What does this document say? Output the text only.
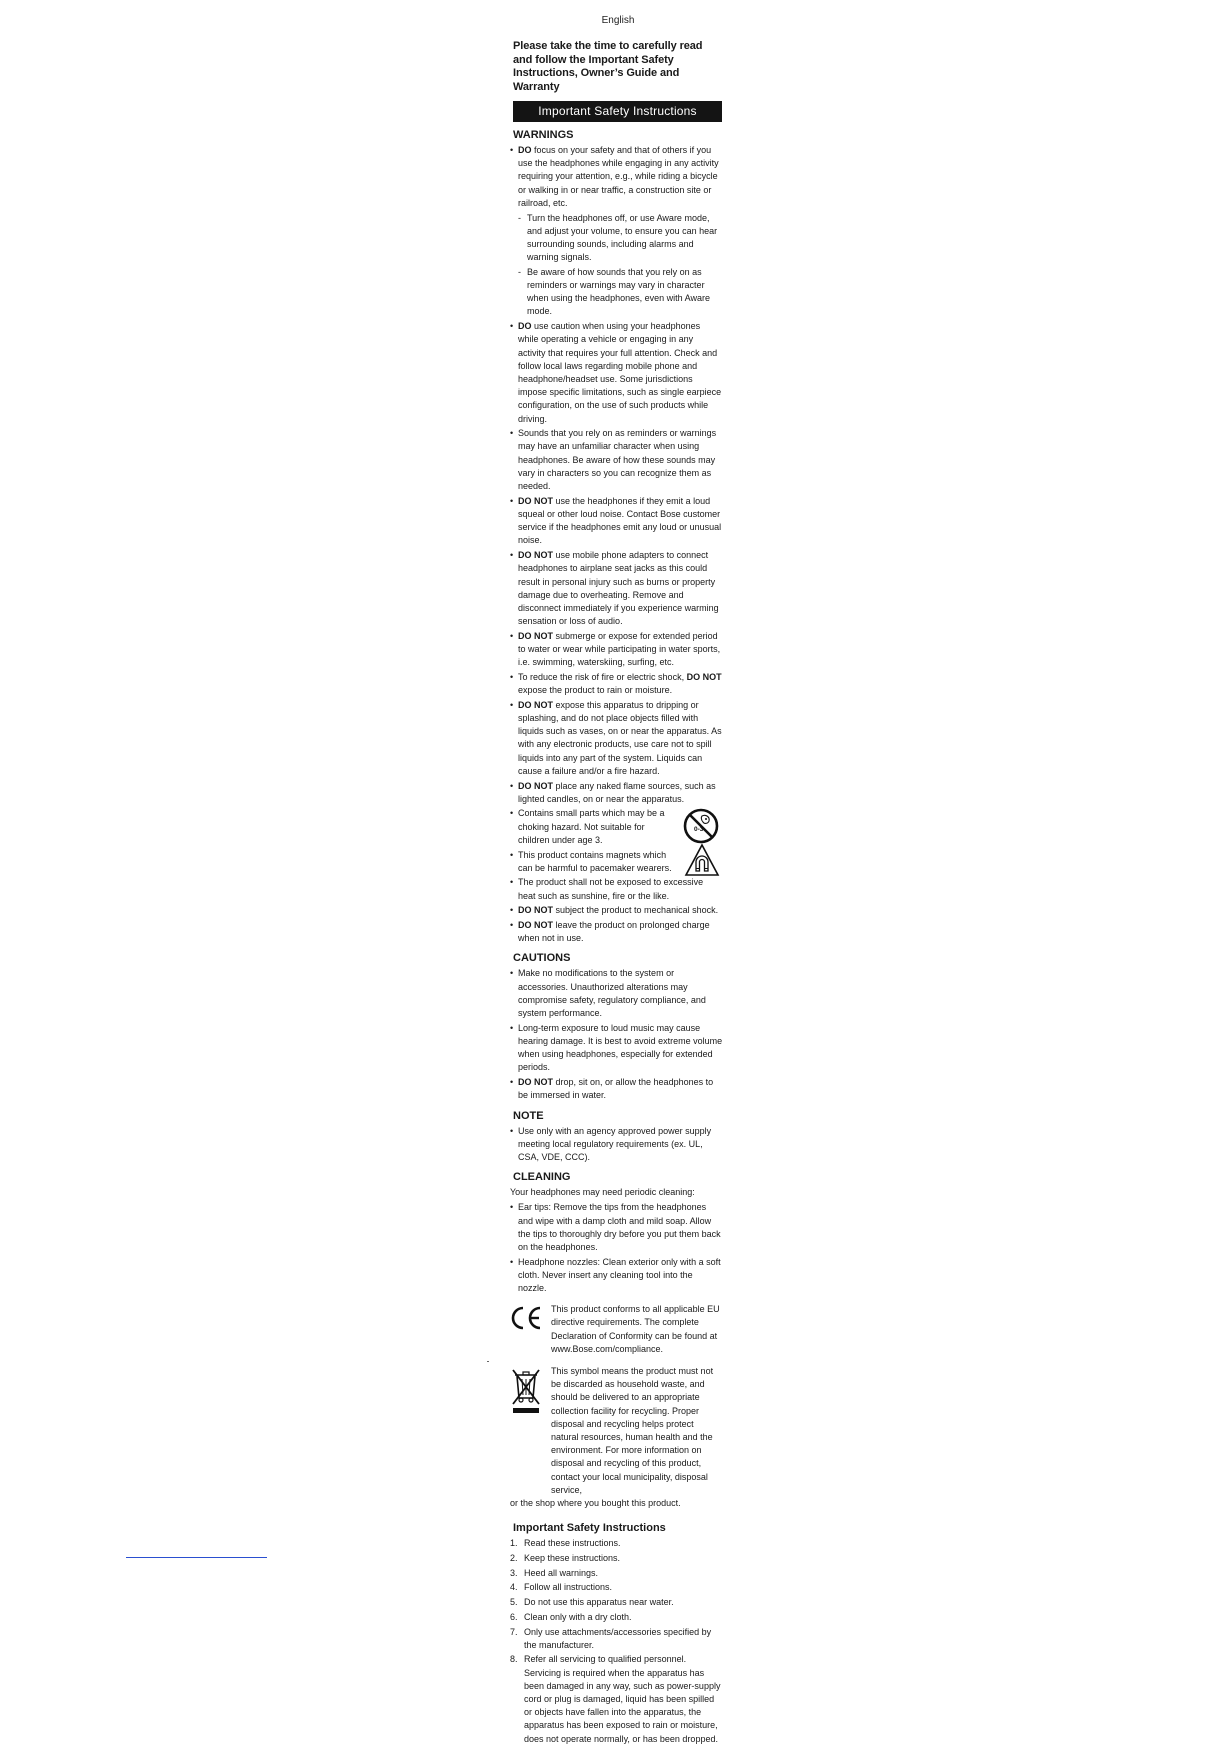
English

Please take the time to carefully read and follow the Important Safety Instructions, Owner’s Guide and Warranty

Important Safety Instructions
WARNINGS
• DO focus on your safety and that of others if you use the headphones while engaging in any activity requiring your attention, e.g., while riding a bicycle or walking in or near traffic, a construction site or railroad, etc.
- Turn the headphones off, or use Aware mode, and adjust your volume, to ensure you can hear surrounding sounds, including alarms and warning signals.
- Be aware of how sounds that you rely on as reminders or warnings may vary in character when using the headphones, even with Aware mode.
• DO use caution when using your headphones while operating a vehicle or engaging in any activity that requires your full attention. Check and follow local laws regarding mobile phone and headphone/headset use. Some jurisdictions impose specific limitations, such as single earpiece configuration, on the use of such products while driving.
• Sounds that you rely on as reminders or warnings may have an unfamiliar character when using headphones. Be aware of how these sounds may vary in characters so you can recognize them as needed.
• DO NOT use the headphones if they emit a loud squeal or other loud noise. Contact Bose customer service if the headphones emit any loud or unusual noise.
• DO NOT use mobile phone adapters to connect headphones to airplane seat jacks as this could result in personal injury such as burns or property damage due to overheating. Remove and disconnect immediately if you experience warming sensation or loss of audio.
• DO NOT submerge or expose for extended period to water or wear while participating in water sports, i.e. swimming, waterskiing, surfing, etc.
• To reduce the risk of fire or electric shock, DO NOT expose the product to rain or moisture.
• DO NOT expose this apparatus to dripping or splashing, and do not place objects filled with liquids such as vases, on or near the apparatus. As with any electronic products, use care not to spill liquids into any part of the system. Liquids can cause a failure and/or a fire hazard.
• DO NOT place any naked flame sources, such as lighted candles, on or near the apparatus.
• Contains small parts which may be a choking hazard. Not suitable for children under age 3.
• This product contains magnets which can be harmful to pacemaker wearers.
0-3
• The product shall not be exposed to excessive heat such as sunshine, fire or the like.
• DO NOT subject the product to mechanical shock.
• DO NOT leave the product on prolonged charge when not in use.
CAUTIONS
• Make no modifications to the system or accessories. Unauthorized alterations may compromise safety, regulatory compliance, and system performance.
• Long-term exposure to loud music may cause hearing damage. It is best to avoid extreme volume when using headphones, especially for extended periods.
• DO NOT drop, sit on, or allow the headphones to be immersed in water.
NOTE
• Use only with an agency approved power supply meeting local regulatory requirements (ex. UL, CSA, VDE, CCC).
CLEANING
Your headphones may need periodic cleaning:
• Ear tips: Remove the tips from the headphones and wipe with a damp cloth and mild soap. Allow the tips to thoroughly dry before you put them back on the headphones.
• Headphone nozzles: Clean exterior only with a soft cloth. Never insert any cleaning tool into the nozzle.
This product conforms to all applicable EU directive requirements. The complete Declaration of Conformity can be found at www.Bose.com/compliance.
This symbol means the product must not be discarded as household waste, and should be delivered to an appropriate collection facility for recycling. Proper disposal and recycling helps protect natural resources, human health and the environment. For more information on disposal and recycling of this product, contact your local municipality, disposal service,
or the shop where you bought this product.
Important Safety Instructions
1. Read these instructions.
2. Keep these instructions.
3. Heed all warnings.
4. Follow all instructions.
5. Do not use this apparatus near water.
6. Clean only with a dry cloth.
7. Only use attachments/accessories specified by the manufacturer.
8. Refer all servicing to qualified personnel. Servicing is required when the apparatus has been damaged in any way, such as power-supply cord or plug is damaged, liquid has been spilled or objects have fallen into the apparatus, the apparatus has been exposed to rain or moisture, does not operate normally, or has been dropped.
